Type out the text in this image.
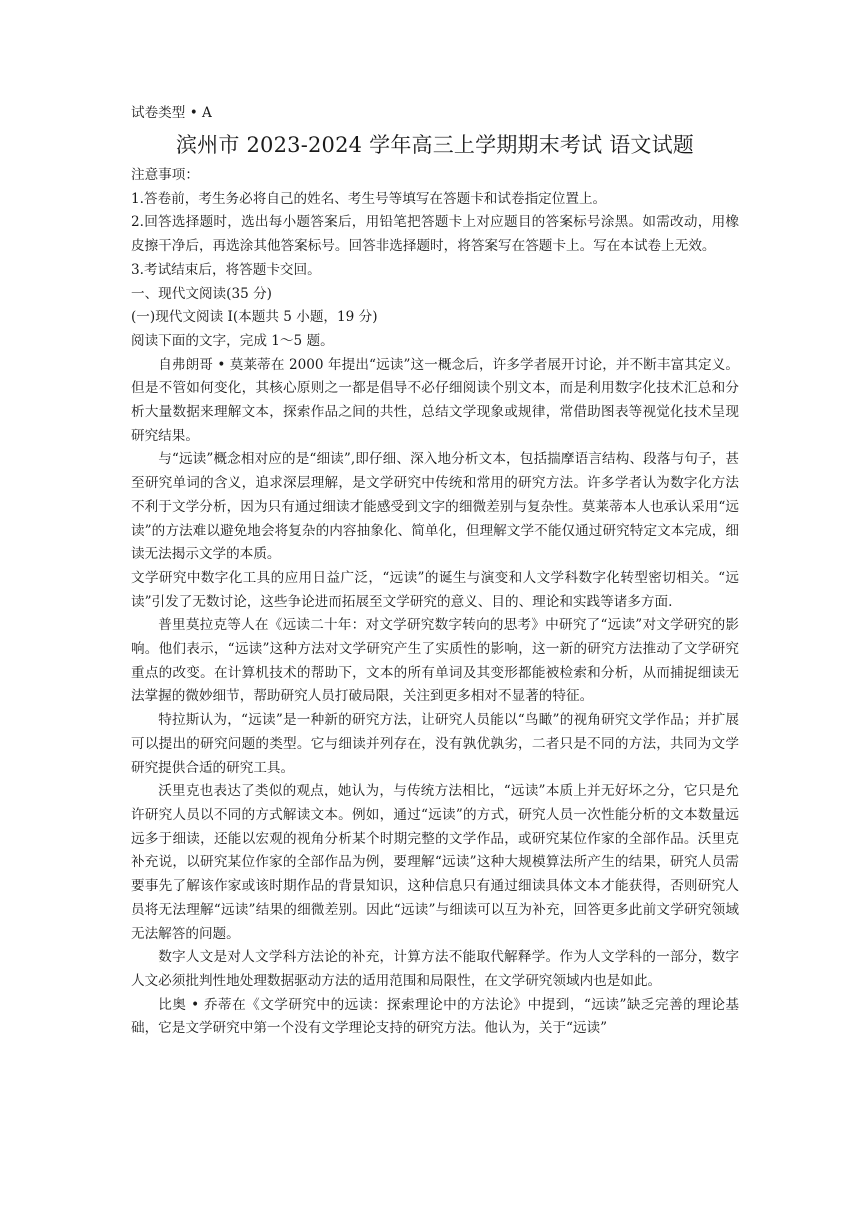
试卷类型 • A

滨州市 2023-2024 学年高三上学期期末考试 语文试题

注意事项：

1.答卷前，考生务必将自己的姓名、考生号等填写在答题卡和试卷指定位置上。

2.回答选择题时，选出每小题答案后，用铅笔把答题卡上对应题目的答案标号涂黑。如需改动，用橡皮擦干净后，再选涂其他答案标号。回答非选择题时，将答案写在答题卡上。写在本试卷上无效。

3.考试结束后，将答题卡交回。

一、现代文阅读(35 分)

(一)现代文阅读 I(本题共 5 小题，19 分)

阅读下面的文字，完成 1～5 题。

自弗朗哥 • 莫莱蒂在 2000 年提出“远读”这一概念后，许多学者展开讨论，并不断丰富其定义。但是不管如何变化，其核心原则之一都是倡导不必仔细阅读个别文本，而是利用数字化技术汇总和分析大量数据来理解文本，探索作品之间的共性，总结文学现象或规律，常借助图表等视觉化技术呈现研究结果。

与“远读”概念相对应的是“细读”,即仔细、深入地分析文本，包括揣摩语言结构、段落与句子，甚至研究单词的含义，追求深层理解，是文学研究中传统和常用的研究方法。许多学者认为数字化方法不利于文学分析，因为只有通过细读才能感受到文字的细微差别与复杂性。莫莱蒂本人也承认采用“远读”的方法难以避免地会将复杂的内容抽象化、简单化，但理解文学不能仅通过研究特定文本完成，细读无法揭示文学的本质。

文学研究中数字化工具的应用日益广泛，“远读”的诞生与演变和人文学科数字化转型密切相关。“远读”引发了无数讨论，这些争论进而拓展至文学研究的意义、目的、理论和实践等诸多方面.

普里莫拉克等人在《远读二十年：对文学研究数字转向的思考》中研究了“远读”对文学研究的影响。他们表示，“远读”这种方法对文学研究产生了实质性的影响，这一新的研究方法推动了文学研究重点的改变。在计算机技术的帮助下，文本的所有单词及其变形都能被检索和分析，从而捕捉细读无法掌握的微妙细节，帮助研究人员打破局限，关注到更多相对不显著的特征。

特拉斯认为，“远读”是一种新的研究方法，让研究人员能以“鸟瞰”的视角研究文学作品；并扩展可以提出的研究问题的类型。它与细读并列存在，没有孰优孰劣，二者只是不同的方法，共同为文学研究提供合适的研究工具。

沃里克也表达了类似的观点，她认为，与传统方法相比，“远读”本质上并无好坏之分，它只是允许研究人员以不同的方式解读文本。例如，通过“远读”的方式，研究人员一次性能分析的文本数量远远多于细读，还能以宏观的视角分析某个时期完整的文学作品，或研究某位作家的全部作品。沃里克补充说，以研究某位作家的全部作品为例，要理解“远读”这种大规模算法所产生的结果，研究人员需要事先了解该作家或该时期作品的背景知识，这种信息只有通过细读具体文本才能获得，否则研究人员将无法理解“远读”结果的细微差别。因此“远读”与细读可以互为补充，回答更多此前文学研究领域无法解答的问题。

数字人文是对人文学科方法论的补充，计算方法不能取代解释学。作为人文学科的一部分，数字人文必须批判性地处理数据驱动方法的适用范围和局限性，在文学研究领域内也是如此。

比奥 • 乔蒂在《文学研究中的远读：探索理论中的方法论》中提到，“远读”缺乏完善的理论基础，它是文学研究中第一个没有文学理论支持的研究方法。他认为，关于“远读”
